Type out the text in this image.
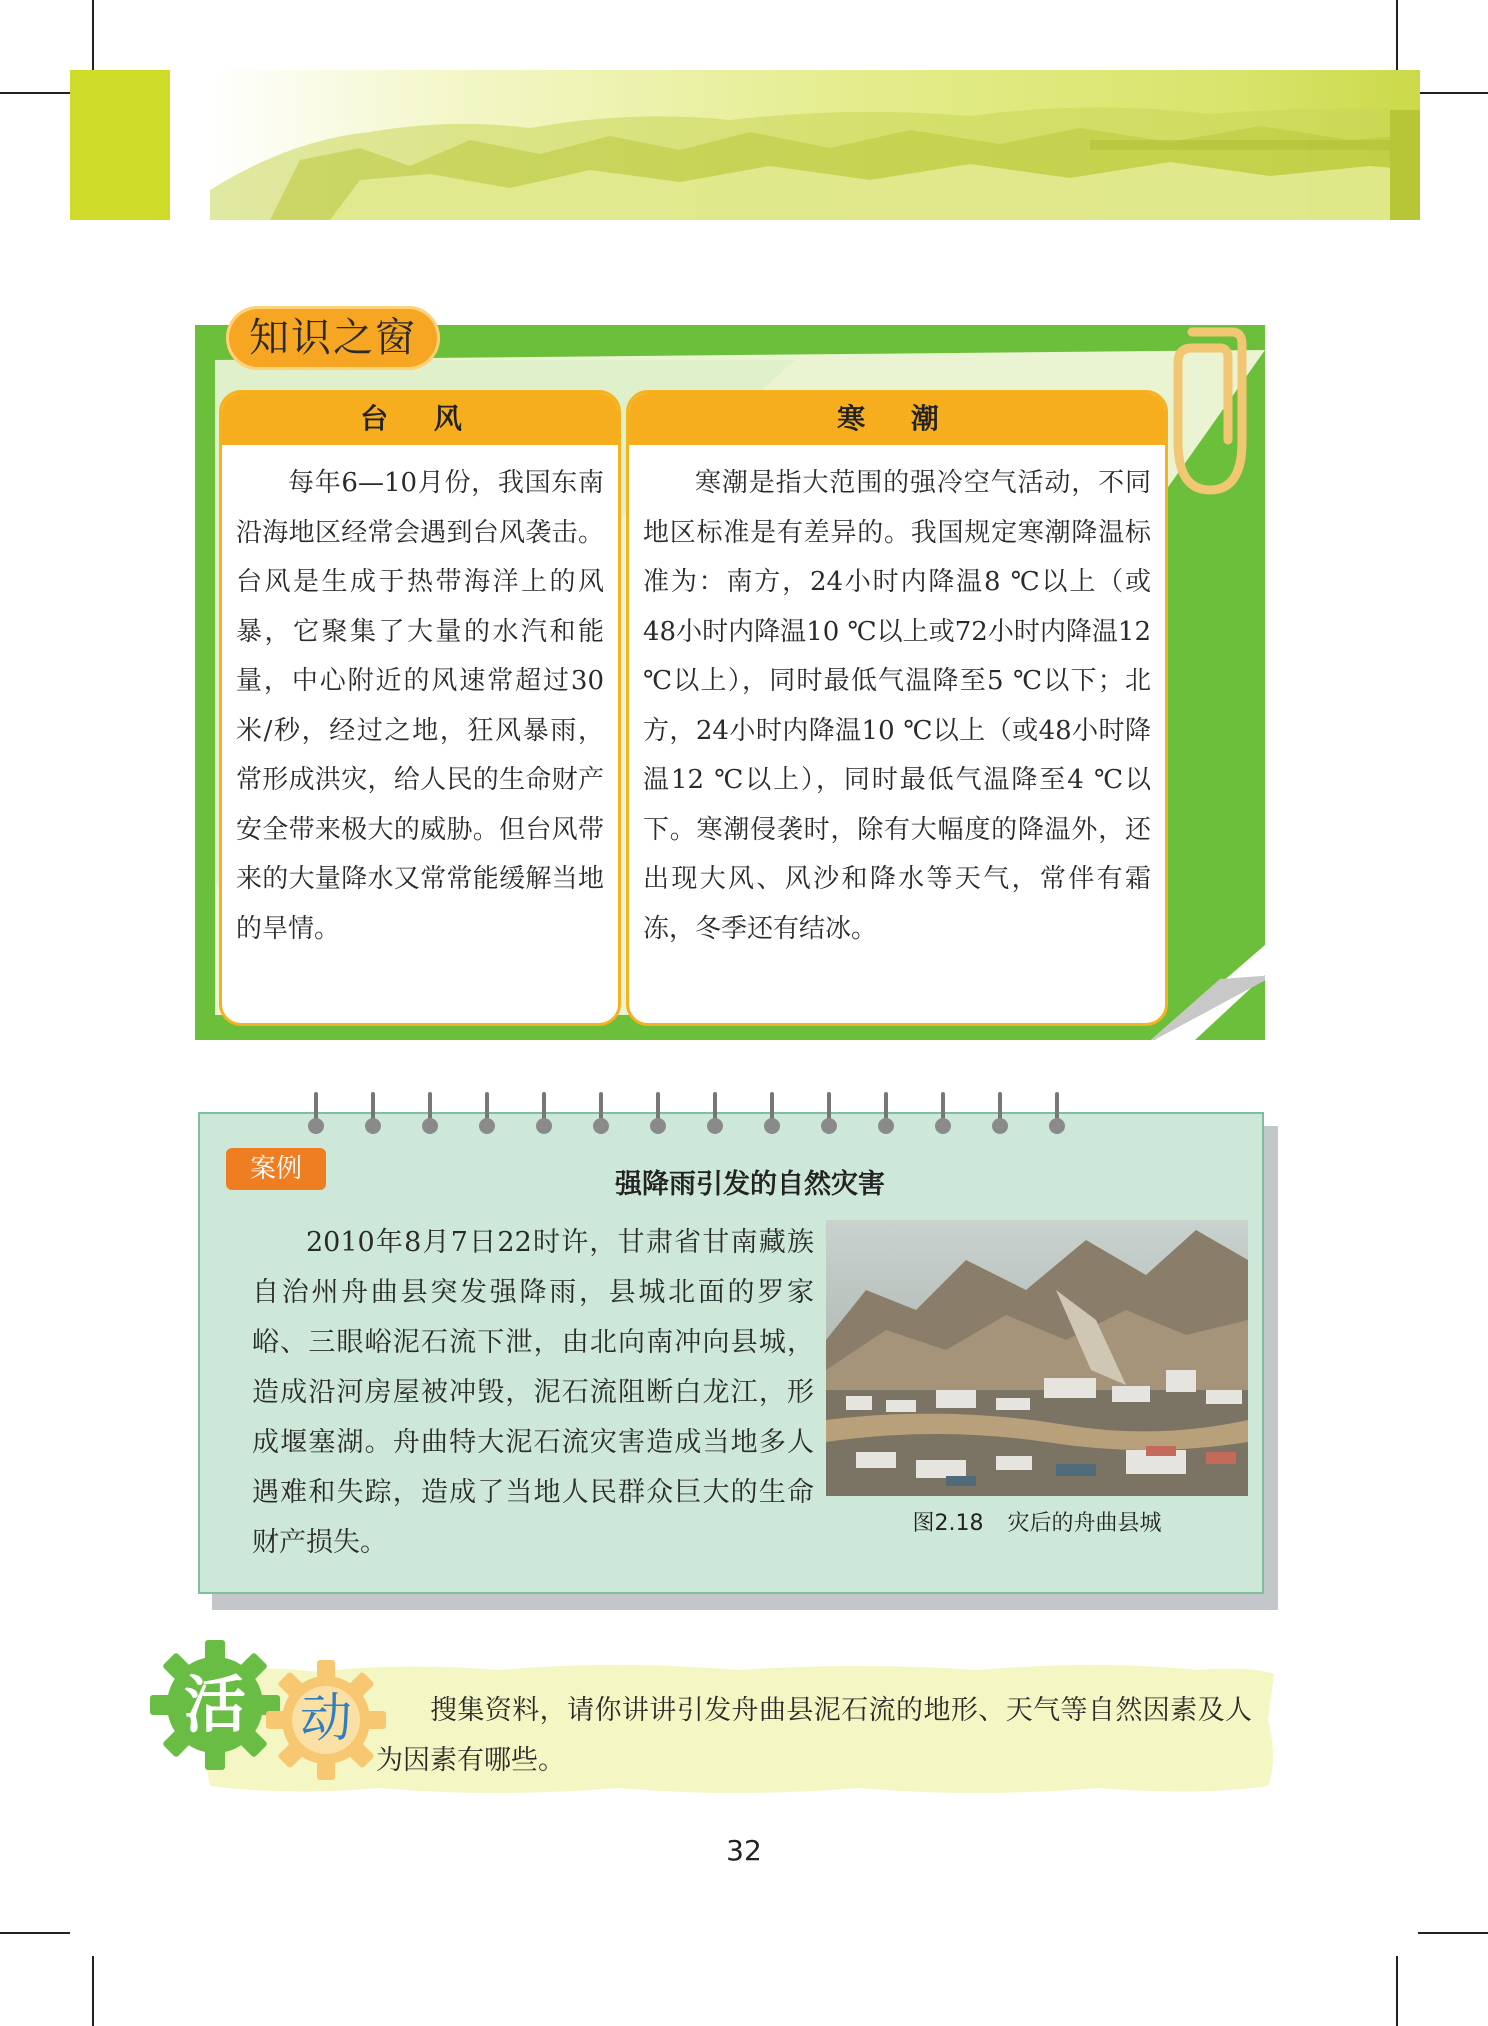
知识之窗
台 风

每年6—10月份，我国东南沿海地区经常会遇到台风袭击。台风是生成于热带海洋上的风暴，它聚集了大量的水汽和能量，中心附近的风速常超过30米/秒，经过之地，狂风暴雨，常形成洪灾，给人民的生命财产安全带来极大的威胁。但台风带来的大量降水又常常能缓解当地的旱情。

寒 潮

寒潮是指大范围的强冷空气活动，不同地区标准是有差异的。我国规定寒潮降温标准为：南方，24小时内降温8 ℃以上（或48小时内降温10 ℃以上或72小时内降温12 ℃以上），同时最低气温降至5 ℃以下；北方，24小时内降温10 ℃以上（或48小时降温12 ℃以上），同时最低气温降至4 ℃以下。寒潮侵袭时，除有大幅度的降温外，还出现大风、风沙和降水等天气，常伴有霜冻，冬季还有结冰。

案例	强降雨引发的自然灾害

2010年8月7日22时许，甘肃省甘南藏族自治州舟曲县突发强降雨，县城北面的罗家峪、三眼峪泥石流下泄，由北向南冲向县城，造成沿河房屋被冲毁，泥石流阻断白龙江，形成堰塞湖。舟曲特大泥石流灾害造成当地多人遇难和失踪，造成了当地人民群众巨大的生命财产损失。

图2.18 灾后的舟曲县城
活	动	搜集资料，请你讲讲引发舟曲县泥石流的地形、天气等自然因素及人为因素有哪些。

32
